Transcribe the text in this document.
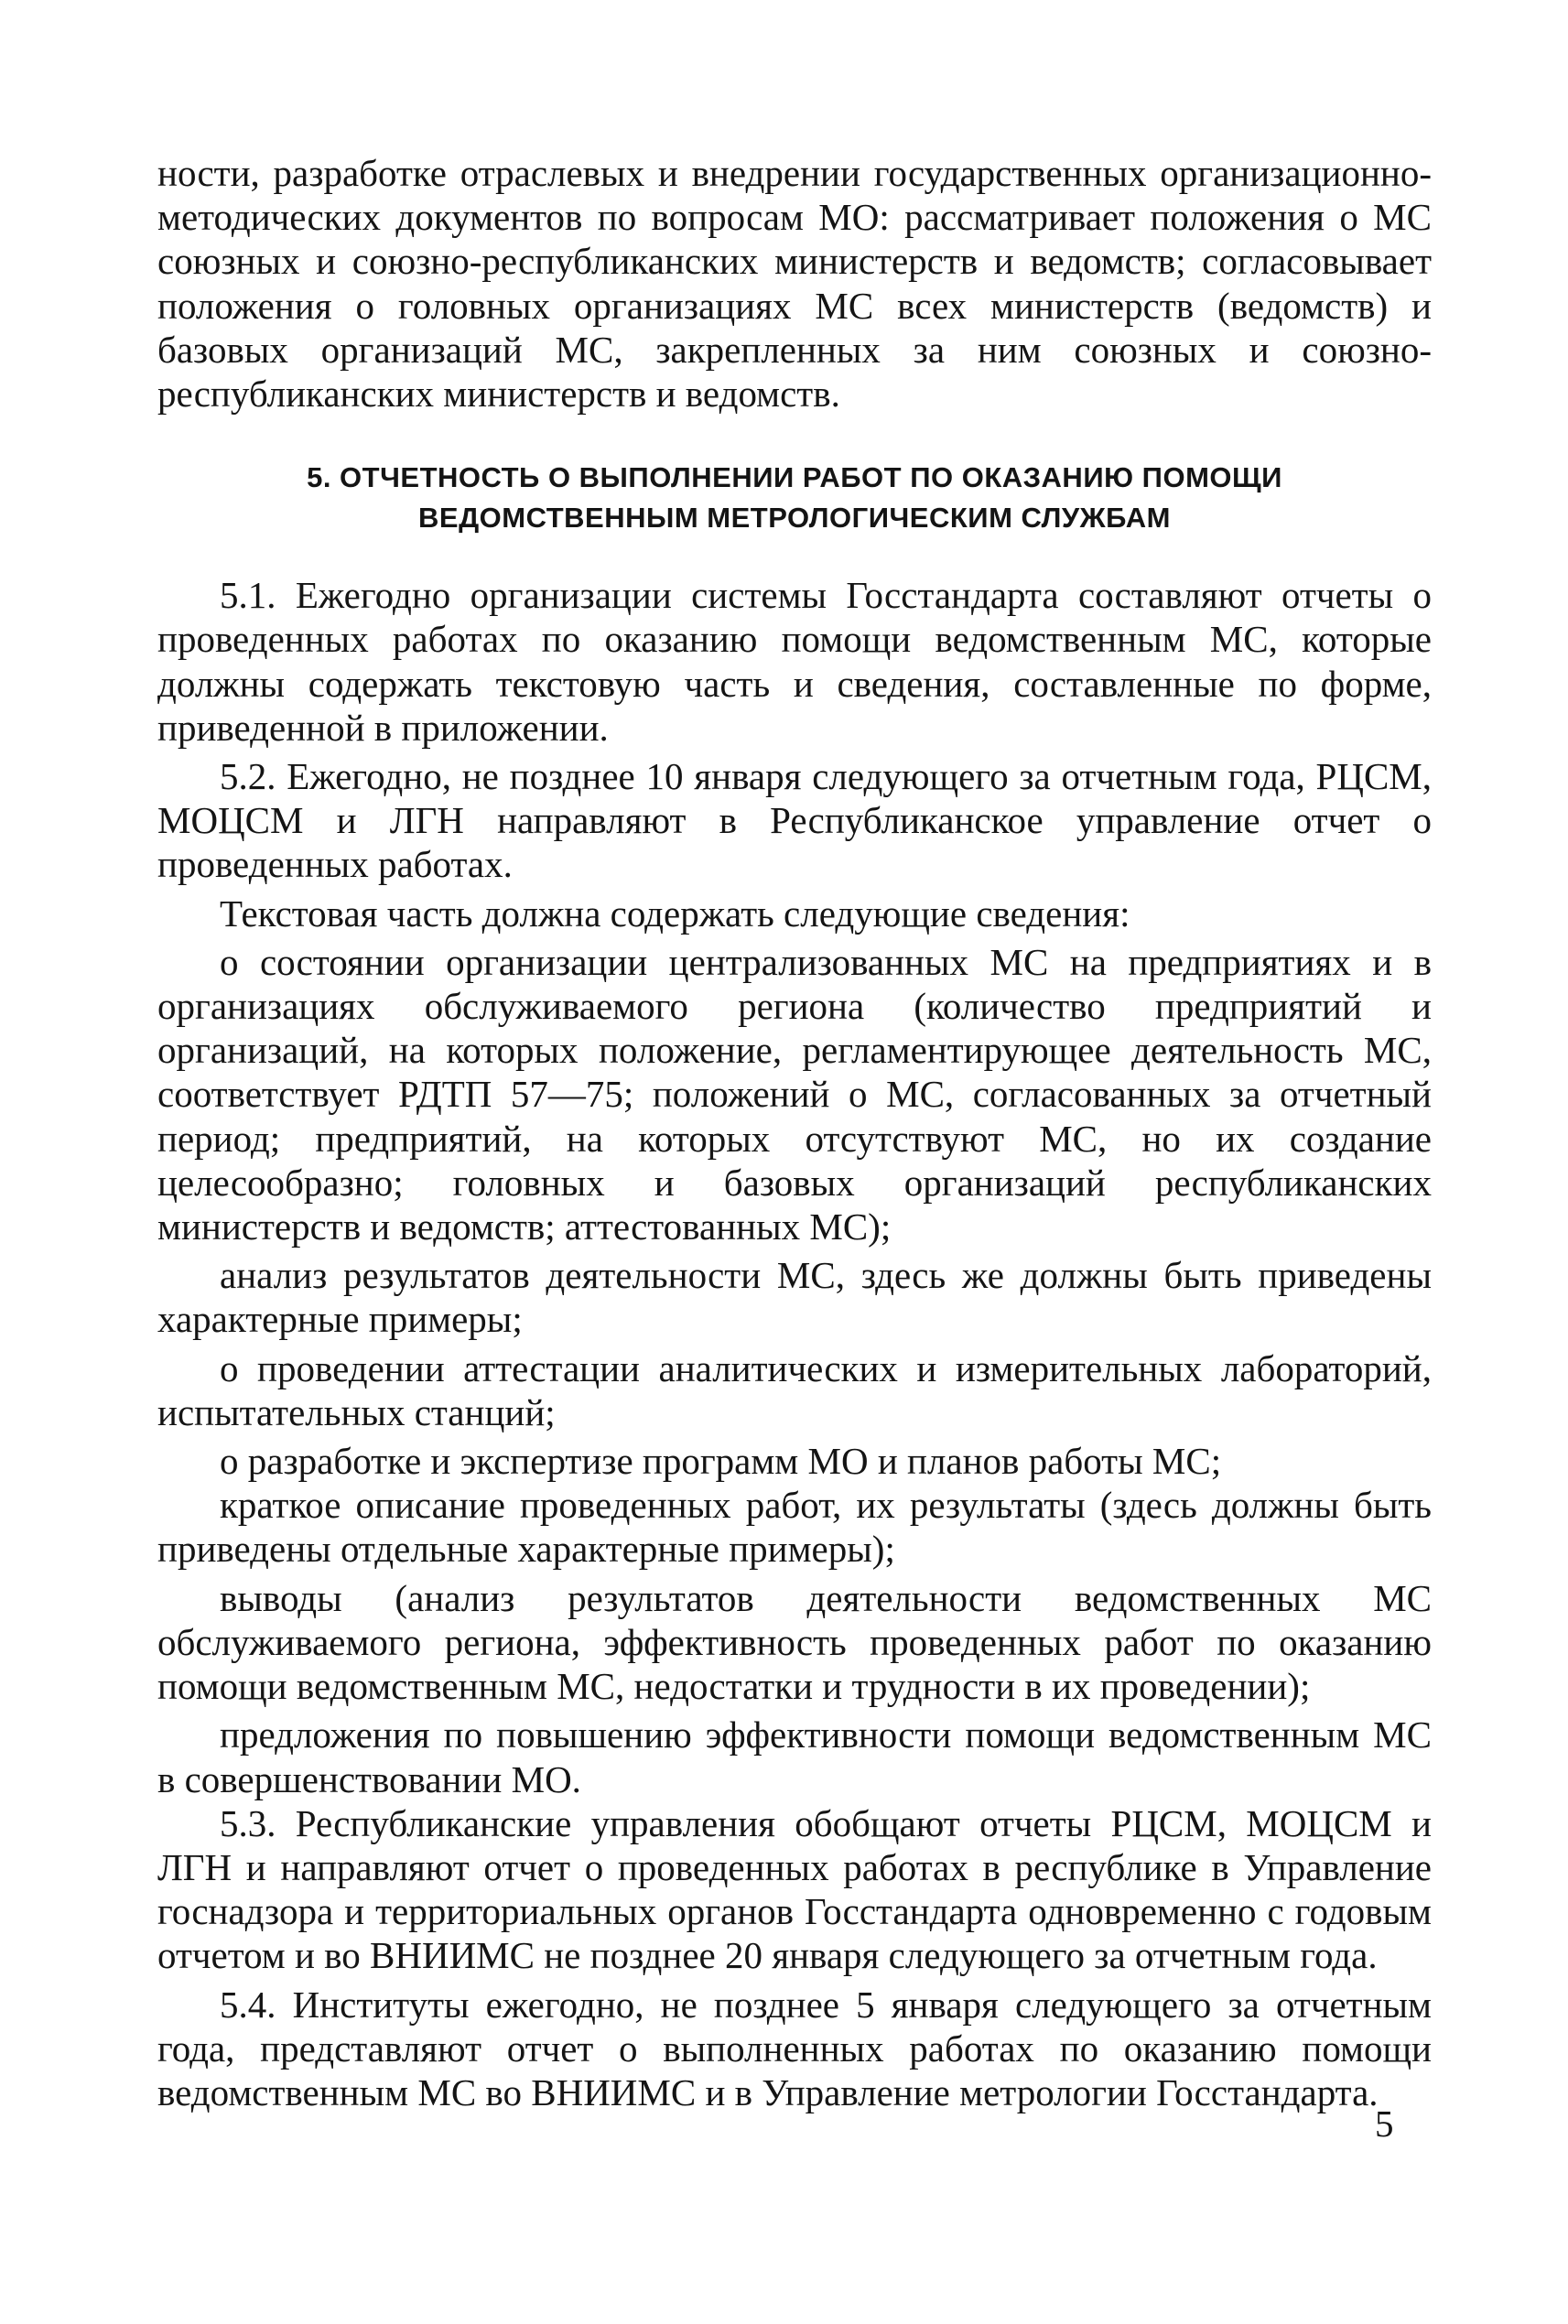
ности, разработке отраслевых и внедрении государственных организационно-методических документов по вопросам МО: рассматривает положения о МС союзных и союзно-республиканских министерств и ведомств; согласовывает положения о головных организациях МС всех министерств (ведомств) и базовых организаций МС, закрепленных за ним союзных и союзно-республиканских министерств и ведомств.

5. ОТЧЕТНОСТЬ О ВЫПОЛНЕНИИ РАБОТ ПО ОКАЗАНИЮ ПОМОЩИ
ВЕДОМСТВЕННЫМ МЕТРОЛОГИЧЕСКИМ СЛУЖБАМ

5.1. Ежегодно организации системы Госстандарта составляют отчеты о проведенных работах по оказанию помощи ведомственным МС, которые должны содержать текстовую часть и сведения, составленные по форме, приведенной в приложении.

5.2. Ежегодно, не позднее 10 января следующего за отчетным года, РЦСМ, МОЦСМ и ЛГН направляют в Республиканское управление отчет о проведенных работах.

Текстовая часть должна содержать следующие сведения:

о состоянии организации централизованных МС на предприятиях и в организациях обслуживаемого региона (количество предприятий и организаций, на которых положение, регламентирующее деятельность МС, соответствует РДТП 57—75; положений о МС, согласованных за отчетный период; предприятий, на которых отсутствуют МС, но их создание целесообразно; головных и базовых организаций республиканских министерств и ведомств; аттестованных МС);

анализ результатов деятельности МС, здесь же должны быть приведены характерные примеры;

о проведении аттестации аналитических и измерительных лабораторий, испытательных станций;

о разработке и экспертизе программ МО и планов работы МС;

краткое описание проведенных работ, их результаты (здесь должны быть приведены отдельные характерные примеры);

выводы (анализ результатов деятельности ведомственных МС обслуживаемого региона, эффективность проведенных работ по оказанию помощи ведомственным МС, недостатки и трудности в их проведении);

предложения по повышению эффективности помощи ведомственным МС в совершенствовании МО.

5.3. Республиканские управления обобщают отчеты РЦСМ, МОЦСМ и ЛГН и направляют отчет о проведенных работах в республике в Управление госнадзора и территориальных органов Госстандарта одновременно с годовым отчетом и во ВНИИМС не позднее 20 января следующего за отчетным года.

5.4. Институты ежегодно, не позднее 5 января следующего за отчетным года, представляют отчет о выполненных работах по оказанию помощи ведомственным МС во ВНИИМС и в Управление метрологии Госстандарта.

5
